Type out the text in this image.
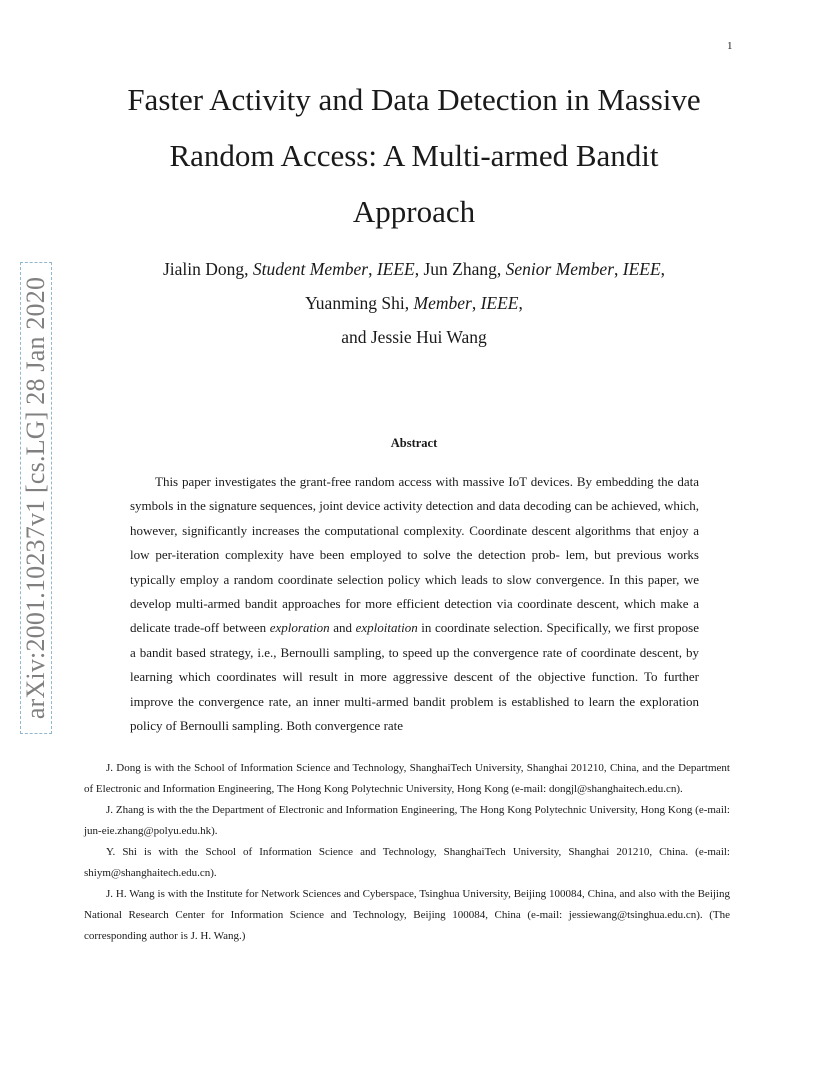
1
arXiv:2001.10237v1 [cs.LG] 28 Jan 2020
Faster Activity and Data Detection in Massive
Random Access: A Multi-armed Bandit
Approach

Jialin Dong, Student Member, IEEE, Jun Zhang, Senior Member, IEEE,
Yuanming Shi, Member, IEEE,
and Jessie Hui Wang

Abstract

This paper investigates the grant-free random access with massive IoT devices. By embedding the data symbols in the signature sequences, joint device activity detection and data decoding can be achieved, which, however, significantly increases the computational complexity. Coordinate descent algorithms that enjoy a low per-iteration complexity have been employed to solve the detection prob- lem, but previous works typically employ a random coordinate selection policy which leads to slow convergence. In this paper, we develop multi-armed bandit approaches for more efficient detection via coordinate descent, which make a delicate trade-off between exploration and exploitation in coordinate selection. Specifically, we first propose a bandit based strategy, i.e., Bernoulli sampling, to speed up the convergence rate of coordinate descent, by learning which coordinates will result in more aggressive descent of the objective function. To further improve the convergence rate, an inner multi-armed bandit problem is established to learn the exploration policy of Bernoulli sampling. Both convergence rate

J. Dong is with the School of Information Science and Technology, ShanghaiTech University, Shanghai 201210, China, and the Department of Electronic and Information Engineering, The Hong Kong Polytechnic University, Hong Kong (e-mail: dongjl@shanghaitech.edu.cn).

J. Zhang is with the the Department of Electronic and Information Engineering, The Hong Kong Polytechnic University, Hong Kong (e-mail: jun-eie.zhang@polyu.edu.hk).

Y. Shi is with the School of Information Science and Technology, ShanghaiTech University, Shanghai 201210, China. (e-mail: shiym@shanghaitech.edu.cn).

J. H. Wang is with the Institute for Network Sciences and Cyberspace, Tsinghua University, Beijing 100084, China, and also with the Beijing National Research Center for Information Science and Technology, Beijing 100084, China (e-mail: jessiewang@tsinghua.edu.cn). (The corresponding author is J. H. Wang.)
